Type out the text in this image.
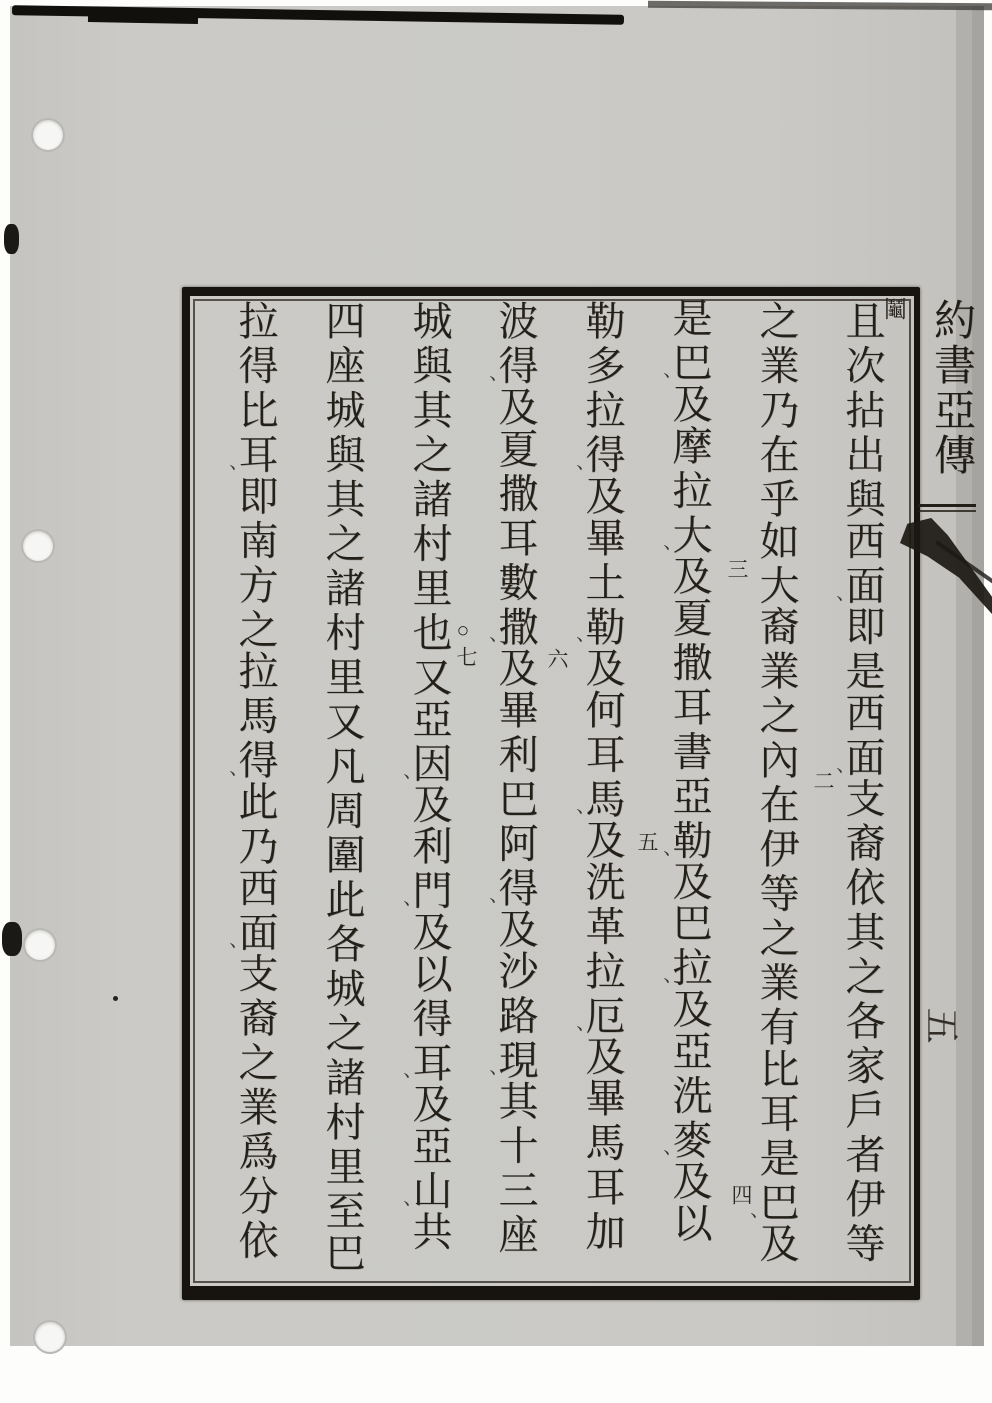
且次拈出與西面 、即是西面 、支裔依其之各家戶者伊等
之業乃在乎如大裔業之內在伊等之業有比耳是巴 、及
是巴 、及摩拉大 、及夏撒耳書亞勒 、及巴拉 、及亞洗麥 、及以
勒多拉得 、及畢土勒 、及何耳馬 、及洗革拉厄 、及畢馬耳加
波得 、及夏撒耳數撒 、及畢利巴阿得 、及沙路現 、其十三座
城與其之諸村里也又亞因 、及利門 、及以得耳 、及亞山 、共
四座城與其之諸村里又凡周圍此各城之諸村里至巴
拉得比耳 、即南方之拉馬得 、此乃西面 、支裔之業爲分依
二
三
四
五
六
○
七
鬮 約書亞傳
五
